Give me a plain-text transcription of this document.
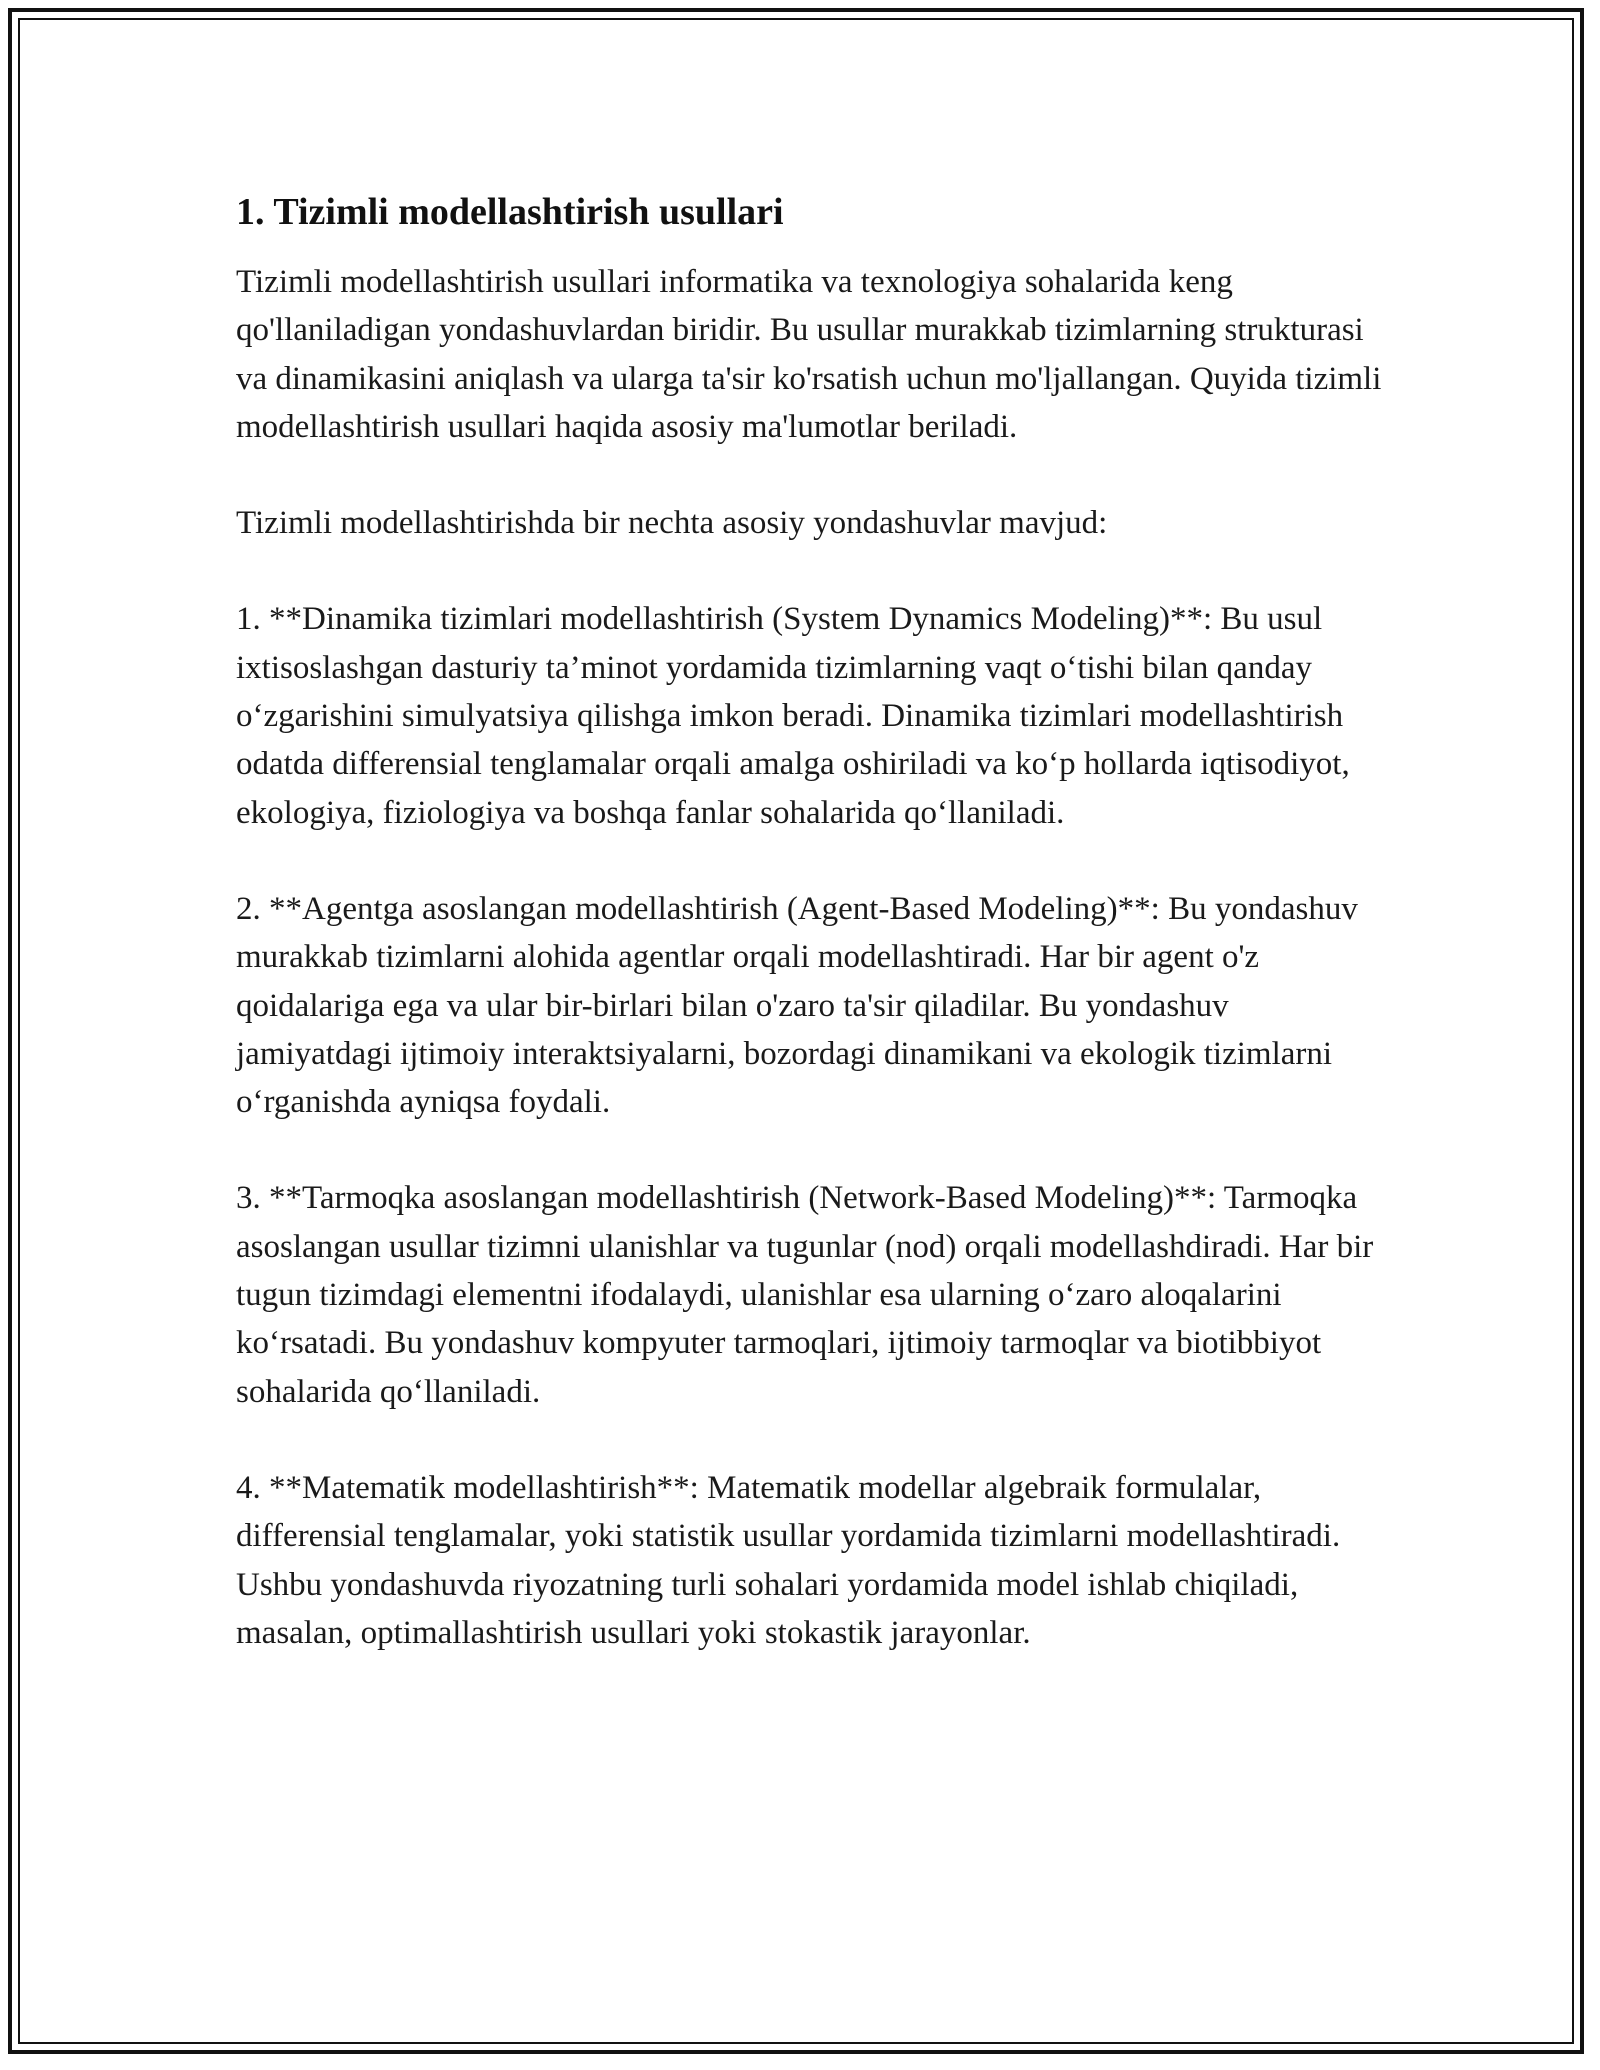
1. Tizimli modellashtirish usullari

Tizimli modellashtirish usullari informatika va texnologiya sohalarida keng qo'llaniladigan yondashuvlardan biridir. Bu usullar murakkab tizimlarning strukturasi va dinamikasini aniqlash va ularga ta'sir ko'rsatish uchun mo'ljallangan. Quyida tizimli modellashtirish usullari haqida asosiy ma'lumotlar beriladi.

Tizimli modellashtirishda bir nechta asosiy yondashuvlar mavjud:

1. **Dinamika tizimlari modellashtirish (System Dynamics Modeling)**: Bu usul ixtisoslashgan dasturiy ta’minot yordamida tizimlarning vaqt o‘tishi bilan qanday o‘zgarishini simulyatsiya qilishga imkon beradi. Dinamika tizimlari modellashtirish odatda differensial tenglamalar orqali amalga oshiriladi va ko‘p hollarda iqtisodiyot, ekologiya, fiziologiya va boshqa fanlar sohalarida qo‘llaniladi.

2. **Agentga asoslangan modellashtirish (Agent-Based Modeling)**: Bu yondashuv murakkab tizimlarni alohida agentlar orqali modellashtiradi. Har bir agent o'z qoidalariga ega va ular bir-birlari bilan o'zaro ta'sir qiladilar. Bu yondashuv jamiyatdagi ijtimoiy interaktsiyalarni, bozordagi dinamikani va ekologik tizimlarni o‘rganishda ayniqsa foydali.

3. **Tarmoqka asoslangan modellashtirish (Network-Based Modeling)**: Tarmoqka asoslangan usullar tizimni ulanishlar va tugunlar (nod) orqali modellashdiradi. Har bir tugun tizimdagi elementni ifodalaydi, ulanishlar esa ularning o‘zaro aloqalarini ko‘rsatadi. Bu yondashuv kompyuter tarmoqlari, ijtimoiy tarmoqlar va biotibbiyot sohalarida qo‘llaniladi.

4. **Matematik modellashtirish**: Matematik modellar algebraik formulalar, differensial tenglamalar, yoki statistik usullar yordamida tizimlarni modellashtiradi. Ushbu yondashuvda riyozatning turli sohalari yordamida model ishlab chiqiladi, masalan, optimallashtirish usullari yoki stokastik jarayonlar.
